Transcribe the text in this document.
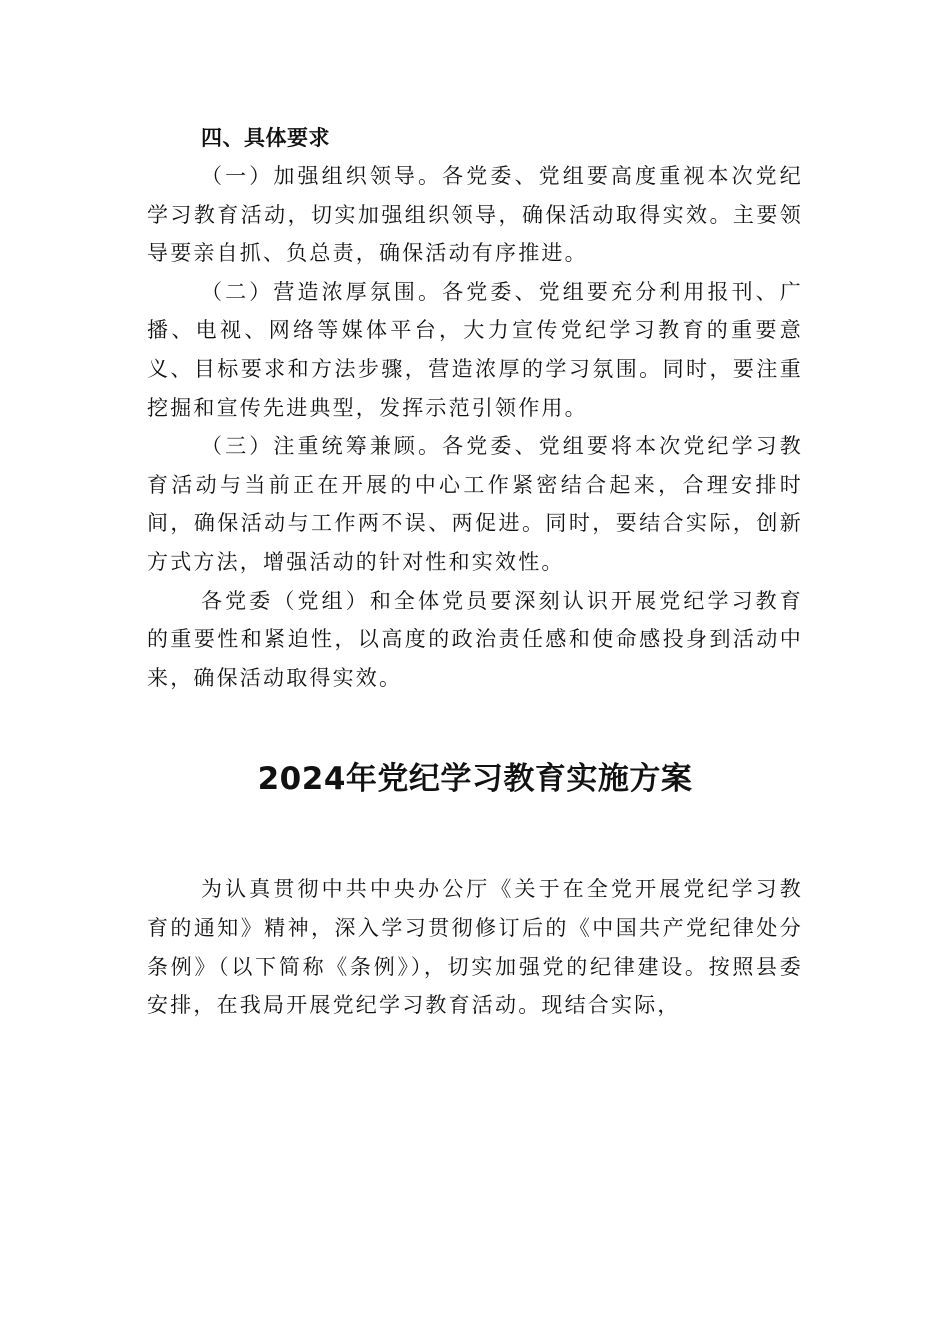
四、具体要求

（一）加强组织领导。各党委、党组要高度重视本次党纪学习教育活动，切实加强组织领导，确保活动取得实效。主要领导要亲自抓、负总责，确保活动有序推进。

（二）营造浓厚氛围。各党委、党组要充分利用报刊、广播、电视、网络等媒体平台，大力宣传党纪学习教育的重要意义、目标要求和方法步骤，营造浓厚的学习氛围。同时，要注重挖掘和宣传先进典型，发挥示范引领作用。

（三）注重统筹兼顾。各党委、党组要将本次党纪学习教育活动与当前正在开展的中心工作紧密结合起来，合理安排时间，确保活动与工作两不误、两促进。同时，要结合实际，创新方式方法，增强活动的针对性和实效性。

各党委（党组）和全体党员要深刻认识开展党纪学习教育的重要性和紧迫性，以高度的政治责任感和使命感投身到活动中来，确保活动取得实效。

2024年党纪学习教育实施方案

为认真贯彻中共中央办公厅《关于在全党开展党纪学习教育的通知》精神，深入学习贯彻修订后的《中国共产党纪律处分条例》（以下简称《条例》），切实加强党的纪律建设。按照县委安排，在我局开展党纪学习教育活动。现结合实际，
